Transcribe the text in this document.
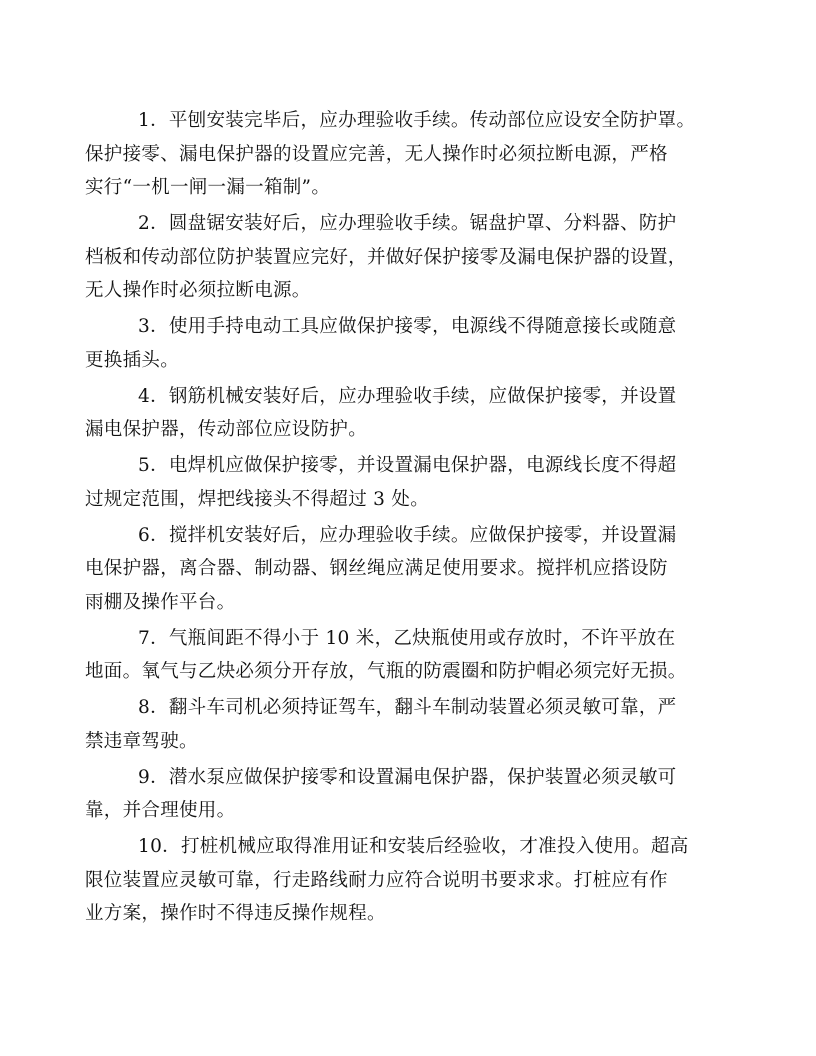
1．平刨安装完毕后，应办理验收手续。传动部位应设安全防护罩。
保护接零、漏电保护器的设置应完善，无人操作时必须拉断电源，严格
实行“一机一闸一漏一箱制”。
2．圆盘锯安装好后，应办理验收手续。锯盘护罩、分料器、防护
档板和传动部位防护装置应完好，并做好保护接零及漏电保护器的设置，
无人操作时必须拉断电源。
3．使用手持电动工具应做保护接零，电源线不得随意接长或随意
更换插头。
4．钢筋机械安装好后，应办理验收手续，应做保护接零，并设置
漏电保护器，传动部位应设防护。
5．电焊机应做保护接零，并设置漏电保护器，电源线长度不得超
过规定范围，焊把线接头不得超过 3 处。
6．搅拌机安装好后，应办理验收手续。应做保护接零，并设置漏
电保护器，离合器、制动器、钢丝绳应满足使用要求。搅拌机应搭设防
雨棚及操作平台。
7．气瓶间距不得小于 10 米，乙炔瓶使用或存放时，不许平放在
地面。氧气与乙炔必须分开存放，气瓶的防震圈和防护帽必须完好无损。
8．翻斗车司机必须持证驾车，翻斗车制动装置必须灵敏可靠，严
禁违章驾驶。
9．潜水泵应做保护接零和设置漏电保护器，保护装置必须灵敏可
靠，并合理使用。
10．打桩机械应取得准用证和安装后经验收，才准投入使用。超高
限位装置应灵敏可靠，行走路线耐力应符合说明书要求求。打桩应有作
业方案，操作时不得违反操作规程。
